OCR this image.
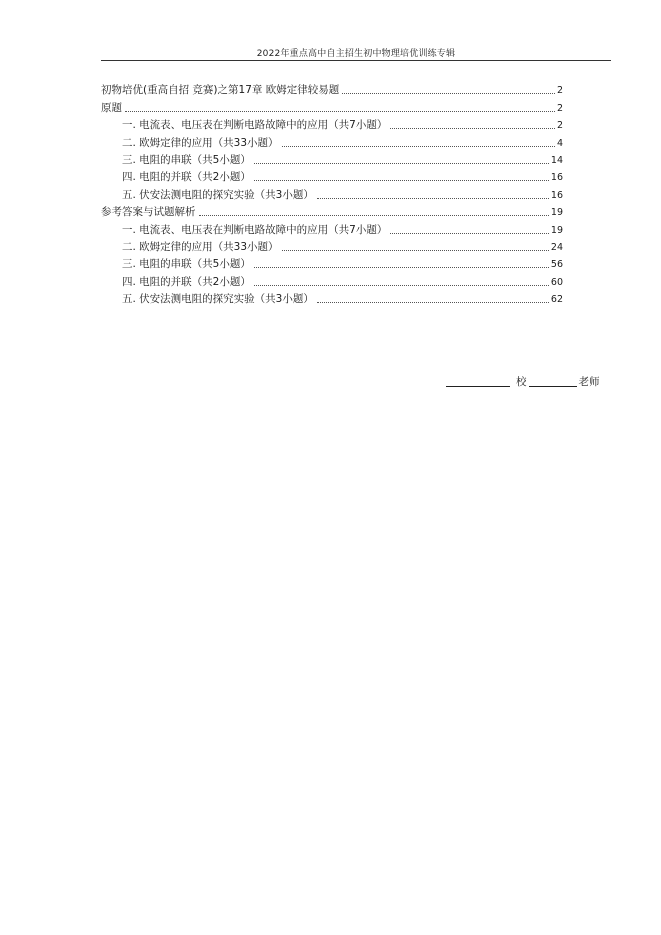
2022年重点高中自主招生初中物理培优训练专辑
初物培优(重高自招 竞赛)之第17章 欧姆定律较易题	2
原题	2
一. 电流表、电压表在判断电路故障中的应用（共7小题）	2
二. 欧姆定律的应用（共33小题）	4
三. 电阻的串联（共5小题）	14
四. 电阻的并联（共2小题）	16
五. 伏安法测电阻的探究实验（共3小题）	16
参考答案与试题解析	19
一. 电流表、电压表在判断电路故障中的应用（共7小题）	19
二. 欧姆定律的应用（共33小题）	24
三. 电阻的串联（共5小题）	56
四. 电阻的并联（共2小题）	60
五. 伏安法测电阻的探究实验（共3小题）	62
校	老师
